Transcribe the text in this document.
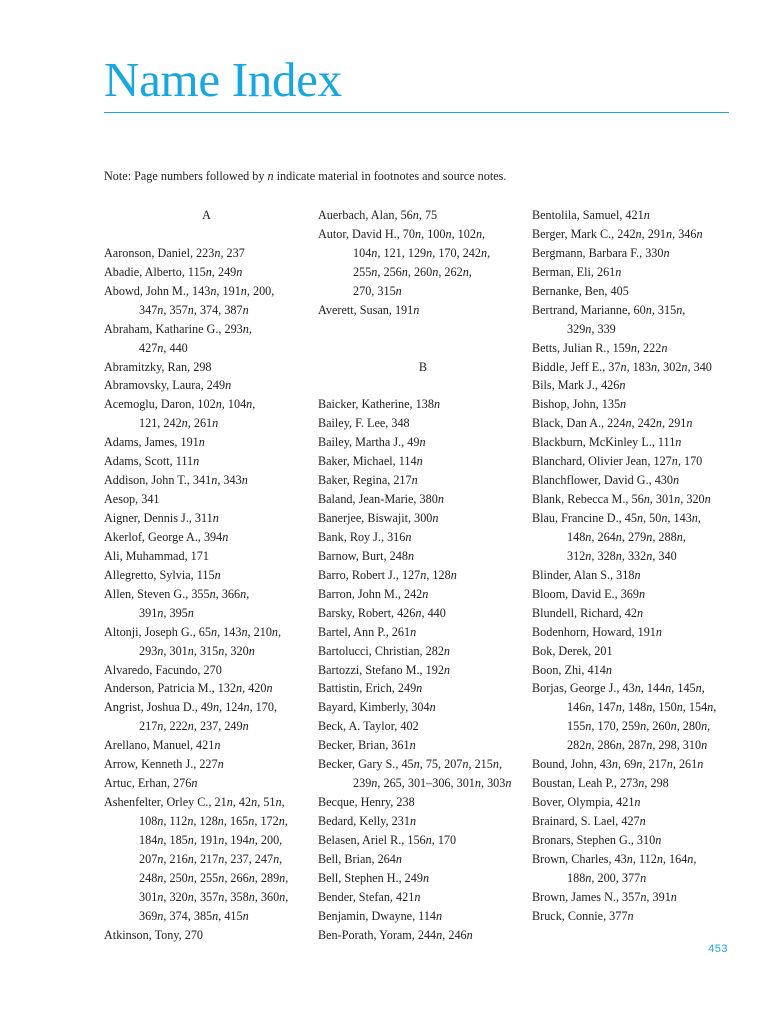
Name Index
Note: Page numbers followed by n indicate material in footnotes and source notes.
A
Aaronson, Daniel, 223n, 237
Abadie, Alberto, 115n, 249n
Abowd, John M., 143n, 191n, 200,
347n, 357n, 374, 387n
Abraham, Katharine G., 293n,
427n, 440
Abramitzky, Ran, 298
Abramovsky, Laura, 249n
Acemoglu, Daron, 102n, 104n,
121, 242n, 261n
Adams, James, 191n
Adams, Scott, 111n
Addison, John T., 341n, 343n
Aesop, 341
Aigner, Dennis J., 311n
Akerlof, George A., 394n
Ali, Muhammad, 171
Allegretto, Sylvia, 115n
Allen, Steven G., 355n, 366n,
391n, 395n
Altonji, Joseph G., 65n, 143n, 210n,
293n, 301n, 315n, 320n
Alvaredo, Facundo, 270
Anderson, Patricia M., 132n, 420n
Angrist, Joshua D., 49n, 124n, 170,
217n, 222n, 237, 249n
Arellano, Manuel, 421n
Arrow, Kenneth J., 227n
Artuc, Erhan, 276n
Ashenfelter, Orley C., 21n, 42n, 51n,
108n, 112n, 128n, 165n, 172n,
184n, 185n, 191n, 194n, 200,
207n, 216n, 217n, 237, 247n,
248n, 250n, 255n, 266n, 289n,
301n, 320n, 357n, 358n, 360n,
369n, 374, 385n, 415n
Atkinson, Tony, 270
Auerbach, Alan, 56n, 75
Autor, David H., 70n, 100n, 102n,
104n, 121, 129n, 170, 242n,
255n, 256n, 260n, 262n,
270, 315n
Averett, Susan, 191n
B
Baicker, Katherine, 138n
Bailey, F. Lee, 348
Bailey, Martha J., 49n
Baker, Michael, 114n
Baker, Regina, 217n
Baland, Jean-Marie, 380n
Banerjee, Biswajit, 300n
Bank, Roy J., 316n
Barnow, Burt, 248n
Barro, Robert J., 127n, 128n
Barron, John M., 242n
Barsky, Robert, 426n, 440
Bartel, Ann P., 261n
Bartolucci, Christian, 282n
Bartozzi, Stefano M., 192n
Battistin, Erich, 249n
Bayard, Kimberly, 304n
Beck, A. Taylor, 402
Becker, Brian, 361n
Becker, Gary S., 45n, 75, 207n, 215n,
239n, 265, 301–306, 301n, 303n
Becque, Henry, 238
Bedard, Kelly, 231n
Belasen, Ariel R., 156n, 170
Bell, Brian, 264n
Bell, Stephen H., 249n
Bender, Stefan, 421n
Benjamin, Dwayne, 114n
Ben-Porath, Yoram, 244n, 246n
Bentolila, Samuel, 421n
Berger, Mark C., 242n, 291n, 346n
Bergmann, Barbara F., 330n
Berman, Eli, 261n
Bernanke, Ben, 405
Bertrand, Marianne, 60n, 315n,
329n, 339
Betts, Julian R., 159n, 222n
Biddle, Jeff E., 37n, 183n, 302n, 340
Bils, Mark J., 426n
Bishop, John, 135n
Black, Dan A., 224n, 242n, 291n
Blackburn, McKinley L., 111n
Blanchard, Olivier Jean, 127n, 170
Blanchflower, David G., 430n
Blank, Rebecca M., 56n, 301n, 320n
Blau, Francine D., 45n, 50n, 143n,
148n, 264n, 279n, 288n,
312n, 328n, 332n, 340
Blinder, Alan S., 318n
Bloom, David E., 369n
Blundell, Richard, 42n
Bodenhorn, Howard, 191n
Bok, Derek, 201
Boon, Zhi, 414n
Borjas, George J., 43n, 144n, 145n,
146n, 147n, 148n, 150n, 154n,
155n, 170, 259n, 260n, 280n,
282n, 286n, 287n, 298, 310n
Bound, John, 43n, 69n, 217n, 261n
Boustan, Leah P., 273n, 298
Bover, Olympia, 421n
Brainard, S. Lael, 427n
Bronars, Stephen G., 310n
Brown, Charles, 43n, 112n, 164n,
188n, 200, 377n
Brown, James N., 357n, 391n
Bruck, Connie, 377n
453
